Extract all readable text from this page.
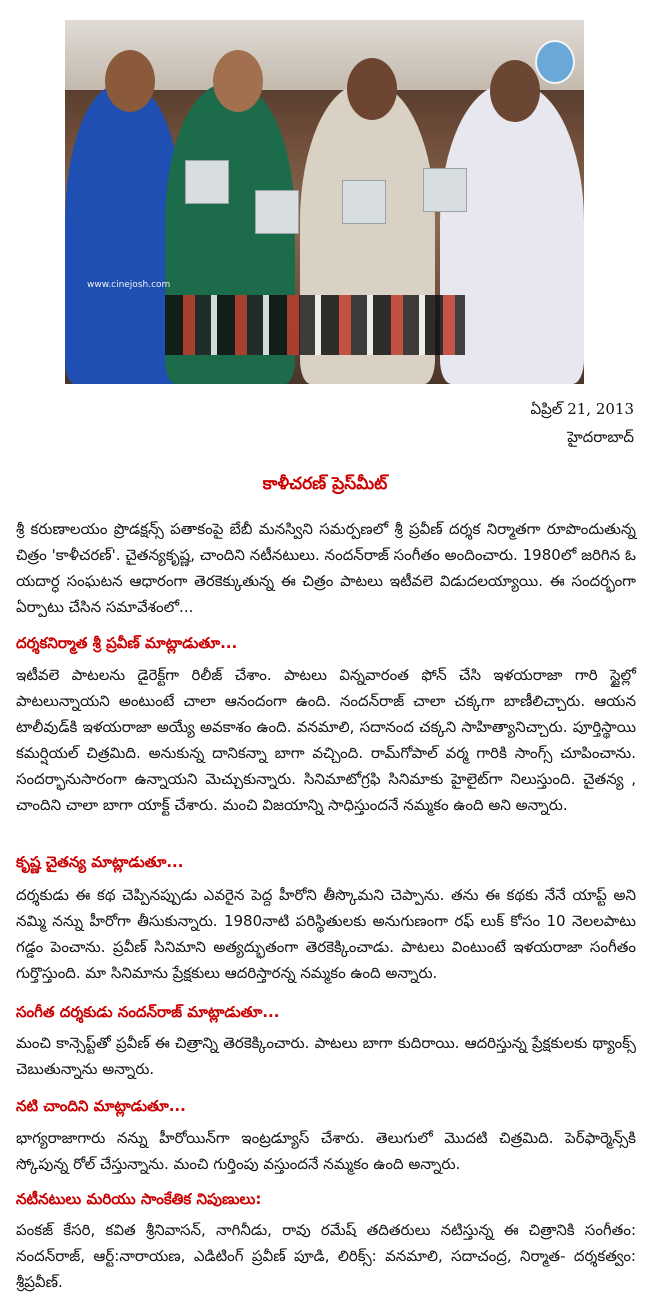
www.cinejosh.com
ఏప్రిల్ 21, 2013
హైదరాబాద్
కాళీచరణ్ ప్రెస్‌మీట్
శ్రీ కరుణాలయం ప్రొడక్షన్స్ పతాకంపై బేబీ మనస్విని సమర్పణలో శ్రీ ప్రవీణ్ దర్శక నిర్మాతగా రూపొందుతున్న చిత్రం 'కాళీచరణ్'. చైతన్యకృష్ణ, చాందిని నటీనటులు. నందన్‌రాజ్ సంగీతం అందించారు. 1980లో జరిగిన ఓ యదార్ధ సంఘటన ఆధారంగా తెరకెక్కుతున్న ఈ చిత్రం పాటలు ఇటీవలె విడుదలయ్యాయి. ఈ సందర్భంగా ఏర్పాటు చేసిన సమావేశంలో...
దర్శకనిర్మాత శ్రీ ప్రవీణ్ మాట్లాడుతూ...
ఇటీవలె పాటలను డైరెక్ట్‌గా రిలీజ్ చేశాం. పాటలు విన్నవారంత ఫోన్ చేసి ఇళయరాజా గారి స్టైల్లో పాటలున్నాయని అంటుంటే చాలా ఆనందంగా ఉంది. నందన్‌రాజ్ చాలా చక్కగా బాణీలిచ్చారు. ఆయన టాలీవుడ్‌కి ఇళయరాజా అయ్యే అవకాశం ఉంది. వనమాలి, సదానంద చక్కని సాహిత్యానిచ్చారు. పూర్తిస్థాయి కమర్షియల్ చిత్రమిది. అనుకున్న దానికన్నా బాగా వచ్చింది. రామ్‌గోపాల్ వర్మ గారికి సాంగ్స్ చూపించాను. సందర్భానుసారంగా ఉన్నాయని మెచ్చుకున్నారు. సినిమాటోగ్రఫి సినిమాకు హైలైట్‌గా నిలుస్తుంది. చైతన్య , చాందిని చాలా బాగా యాక్ట్ చేశారు. మంచి విజయాన్ని సాధిస్తుందనే నమ్మకం ఉంది అని అన్నారు.
కృష్ణ చైతన్య మాట్లాడుతూ...
దర్శకుడు ఈ కథ చెప్పినప్పుడు ఎవరైన పెద్ద హీరోని తీస్కొమని చెప్పాను. తను ఈ కథకు నేనే యాప్ట్ అని నమ్మి నన్ను హీరోగా తీసుకున్నారు. 1980నాటి పరిస్థితులకు అనుగుణంగా రఫ్ లుక్ కోసం 10 నెలలపాటు గడ్డం పెంచాను. ప్రవీణ్ సినిమాని అత్యద్భుతంగా తెరకెక్కించాడు. పాటలు వింటుంటే ఇళయరాజా సంగీతం గుర్తొస్తుంది. మా సినిమాను ప్రేక్షకులు ఆదరిస్తారన్న నమ్మకం ఉంది అన్నారు.
సంగీత దర్శకుడు నందన్‌రాజ్ మాట్లాడుతూ...
మంచి కాన్సెప్ట్‌తో ప్రవీణ్ ఈ చిత్రాన్ని తెరకెక్కించారు. పాటలు బాగా కుదిరాయి. ఆదరిస్తున్న ప్రేక్షకులకు థ్యాంక్స్ చెబుతున్నాను అన్నారు.
నటి చాందిని మాట్లాడుతూ...
భాగ్యరాజాగారు నన్ను హీరోయిన్‌గా ఇంట్రడ్యూస్ చేశారు. తెలుగులో మొదటి చిత్రమిది. పెర్‌ఫార్మెన్స్‌కి స్కోపున్న రోల్ చేస్తున్నాను. మంచి గుర్తింపు వస్తుందనే నమ్మకం ఉంది అన్నారు.
నటీనటులు మరియు సాంకేతిక నిపుణులు:
పంకజ్ కేసరి, కవిత శ్రీనివాసన్, నాగినీడు, రావు రమేష్ తదితరులు నటిస్తున్న ఈ చిత్రానికి సంగీతం: నందన్‌రాజ్, ఆర్ట్:నారాయణ, ఎడిటింగ్ ప్రవీణ్ పూడి, లిరిక్స్: వనమాలి, సదాచంద్ర, నిర్మాత- దర్శకత్వం: శ్రీప్రవీణ్.
